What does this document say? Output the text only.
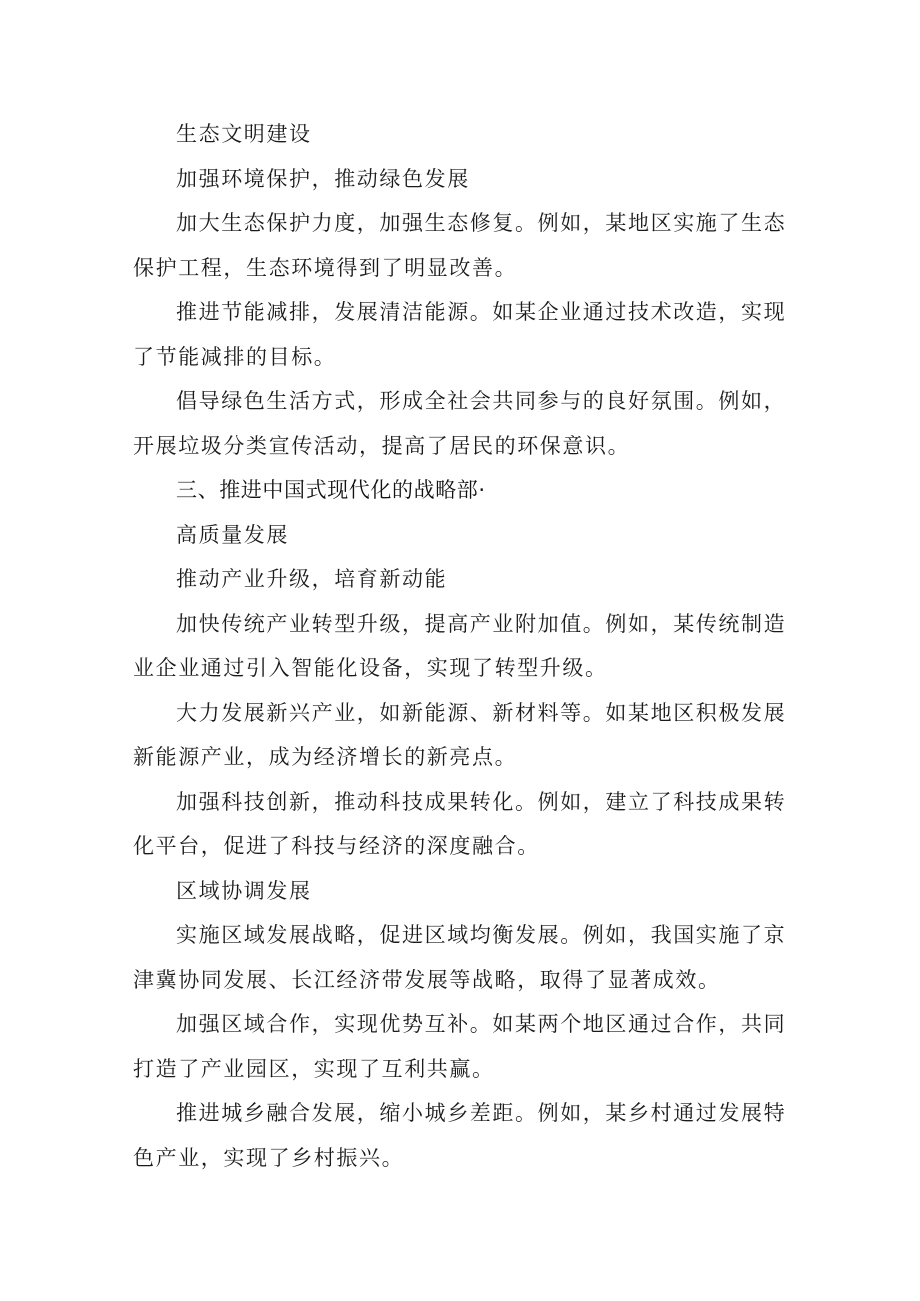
生态文明建设

加强环境保护，推动绿色发展

加大生态保护力度，加强生态修复。例如，某地区实施了生态保护工程，生态环境得到了明显改善。

推进节能减排，发展清洁能源。如某企业通过技术改造，实现了节能减排的目标。

倡导绿色生活方式，形成全社会共同参与的良好氛围。例如，开展垃圾分类宣传活动，提高了居民的环保意识。

三、推进中国式现代化的战略部·

高质量发展

推动产业升级，培育新动能

加快传统产业转型升级，提高产业附加值。例如，某传统制造业企业通过引入智能化设备，实现了转型升级。

大力发展新兴产业，如新能源、新材料等。如某地区积极发展新能源产业，成为经济增长的新亮点。

加强科技创新，推动科技成果转化。例如，建立了科技成果转化平台，促进了科技与经济的深度融合。

区域协调发展

实施区域发展战略，促进区域均衡发展。例如，我国实施了京津冀协同发展、长江经济带发展等战略，取得了显著成效。

加强区域合作，实现优势互补。如某两个地区通过合作，共同打造了产业园区，实现了互利共赢。

推进城乡融合发展，缩小城乡差距。例如，某乡村通过发展特色产业，实现了乡村振兴。
